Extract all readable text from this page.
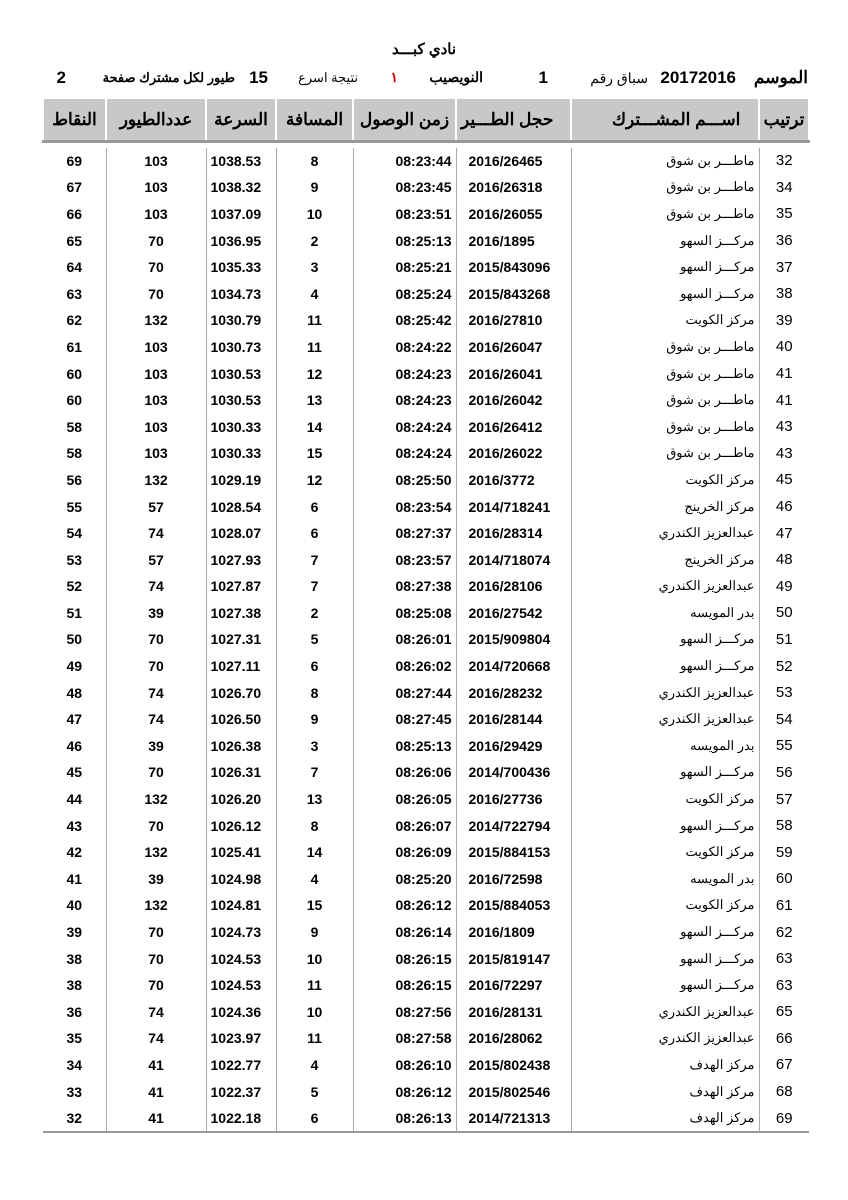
نادي كبـــد
الموسم
20172016
سباق رقم
1
النويصيب
١
نتيجة اسرع
15
طيور لكل مشترك صفحة
2
ترتيب	اســـم المشـــترك	حجل الطـــير	زمن الوصول	المسافة	السرعة	عددالطيور	النقاط

32	ماطـــر بن شوق	2016/26465	08:23:44	8	1038.53	103	69
34	ماطـــر بن شوق	2016/26318	08:23:45	9	1038.32	103	67
35	ماطـــر بن شوق	2016/26055	08:23:51	10	1037.09	103	66
36	مركـــز السهو	2016/1895	08:25:13	2	1036.95	70	65
37	مركـــز السهو	2015/843096	08:25:21	3	1035.33	70	64
38	مركـــز السهو	2015/843268	08:25:24	4	1034.73	70	63
39	مركز الكويت	2016/27810	08:25:42	11	1030.79	132	62
40	ماطـــر بن شوق	2016/26047	08:24:22	11	1030.73	103	61
41	ماطـــر بن شوق	2016/26041	08:24:23	12	1030.53	103	60
41	ماطـــر بن شوق	2016/26042	08:24:23	13	1030.53	103	60
43	ماطـــر بن شوق	2016/26412	08:24:24	14	1030.33	103	58
43	ماطـــر بن شوق	2016/26022	08:24:24	15	1030.33	103	58
45	مركز الكويت	2016/3772	08:25:50	12	1029.19	132	56
46	مركز الخرينج	2014/718241	08:23:54	6	1028.54	57	55
47	عبدالعزيز الكندري	2016/28314	08:27:37	6	1028.07	74	54
48	مركز الخرينج	2014/718074	08:23:57	7	1027.93	57	53
49	عبدالعزيز الكندري	2016/28106	08:27:38	7	1027.87	74	52
50	بدر المويسه	2016/27542	08:25:08	2	1027.38	39	51
51	مركـــز السهو	2015/909804	08:26:01	5	1027.31	70	50
52	مركـــز السهو	2014/720668	08:26:02	6	1027.11	70	49
53	عبدالعزيز الكندري	2016/28232	08:27:44	8	1026.70	74	48
54	عبدالعزيز الكندري	2016/28144	08:27:45	9	1026.50	74	47
55	بدر المويسه	2016/29429	08:25:13	3	1026.38	39	46
56	مركـــز السهو	2014/700436	08:26:06	7	1026.31	70	45
57	مركز الكويت	2016/27736	08:26:05	13	1026.20	132	44
58	مركـــز السهو	2014/722794	08:26:07	8	1026.12	70	43
59	مركز الكويت	2015/884153	08:26:09	14	1025.41	132	42
60	بدر المويسه	2016/72598	08:25:20	4	1024.98	39	41
61	مركز الكويت	2015/884053	08:26:12	15	1024.81	132	40
62	مركـــز السهو	2016/1809	08:26:14	9	1024.73	70	39
63	مركـــز السهو	2015/819147	08:26:15	10	1024.53	70	38
63	مركـــز السهو	2016/72297	08:26:15	11	1024.53	70	38
65	عبدالعزيز الكندري	2016/28131	08:27:56	10	1024.36	74	36
66	عبدالعزيز الكندري	2016/28062	08:27:58	11	1023.97	74	35
67	مركز الهدف	2015/802438	08:26:10	4	1022.77	41	34
68	مركز الهدف	2015/802546	08:26:12	5	1022.37	41	33
69	مركز الهدف	2014/721313	08:26:13	6	1022.18	41	32
